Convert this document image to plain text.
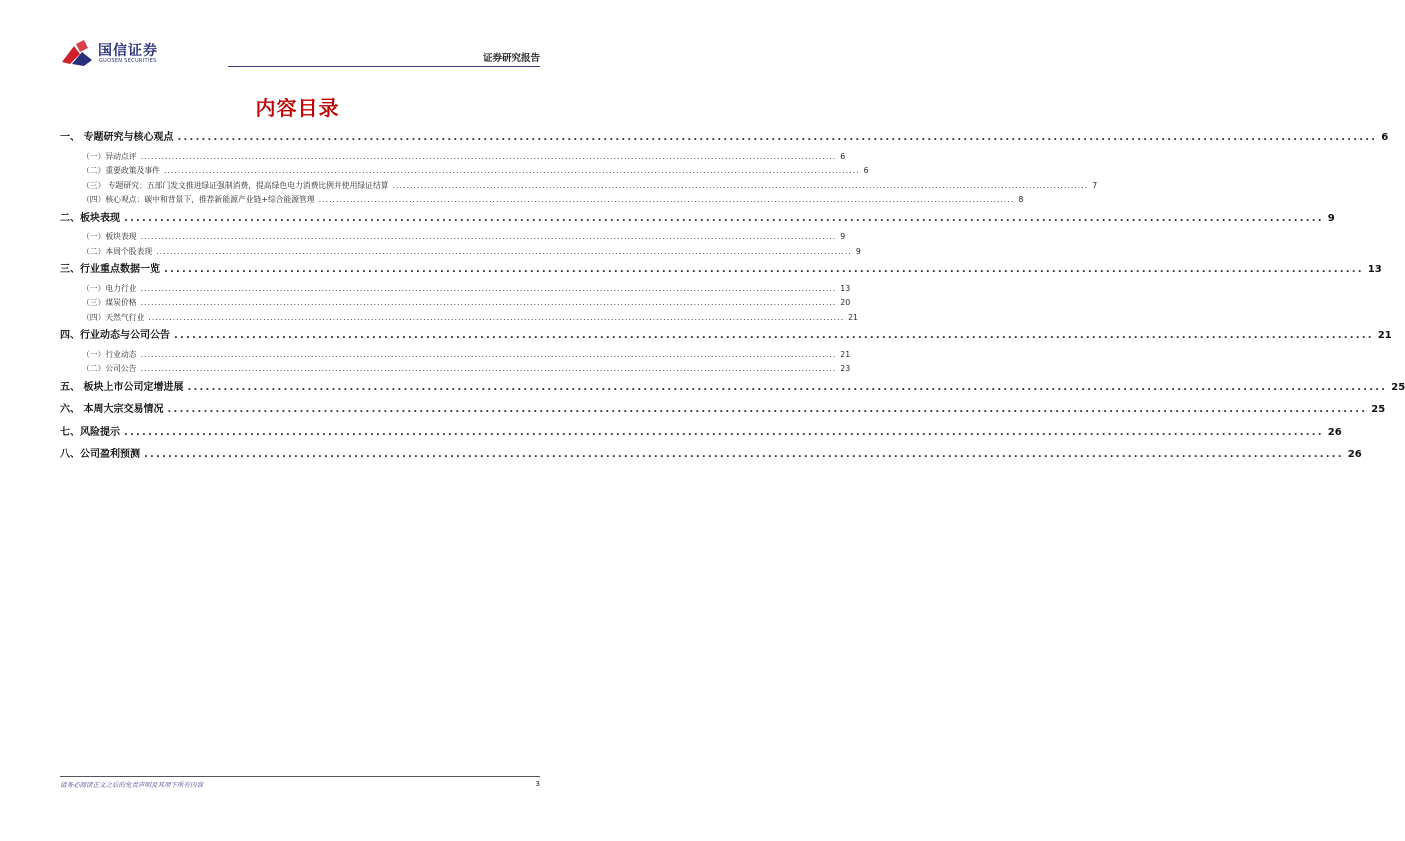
国信证券
GUOSEN SECURITIES	证券研究报告
内容目录
一、 专题研究与核心观点 ........................................................................................................................................................................................................ 6
（一）异动点评 ........................................................................................................................................................................................................ 6
（二）重要政策及事件 ........................................................................................................................................................................................................ 6
（三） 专题研究：五部门发文推进绿证强制消费，提高绿色电力消费比例并使用绿证结算 ........................................................................................................................................................................................................ 7
（四）核心观点：碳中和背景下，推荐新能源产业链+综合能源管理 ........................................................................................................................................................................................................ 8
二、板块表现 ........................................................................................................................................................................................................ 9
（一）板块表现 ........................................................................................................................................................................................................ 9
（二）本周个股表现 ........................................................................................................................................................................................................ 9
三、行业重点数据一览 ........................................................................................................................................................................................................ 13
（一）电力行业 ........................................................................................................................................................................................................ 13
（三）煤炭价格 ........................................................................................................................................................................................................ 20
（四）天然气行业 ........................................................................................................................................................................................................ 21
四、行业动态与公司公告 ........................................................................................................................................................................................................ 21
（一）行业动态 ........................................................................................................................................................................................................ 21
（二）公司公告 ........................................................................................................................................................................................................ 23
五、 板块上市公司定增进展 ........................................................................................................................................................................................................ 25
六、 本周大宗交易情况 ........................................................................................................................................................................................................ 25
七、风险提示 ........................................................................................................................................................................................................ 26
八、公司盈利预测 ........................................................................................................................................................................................................ 26
请务必阅读正文之后的免责声明及其项下所有内容	3
